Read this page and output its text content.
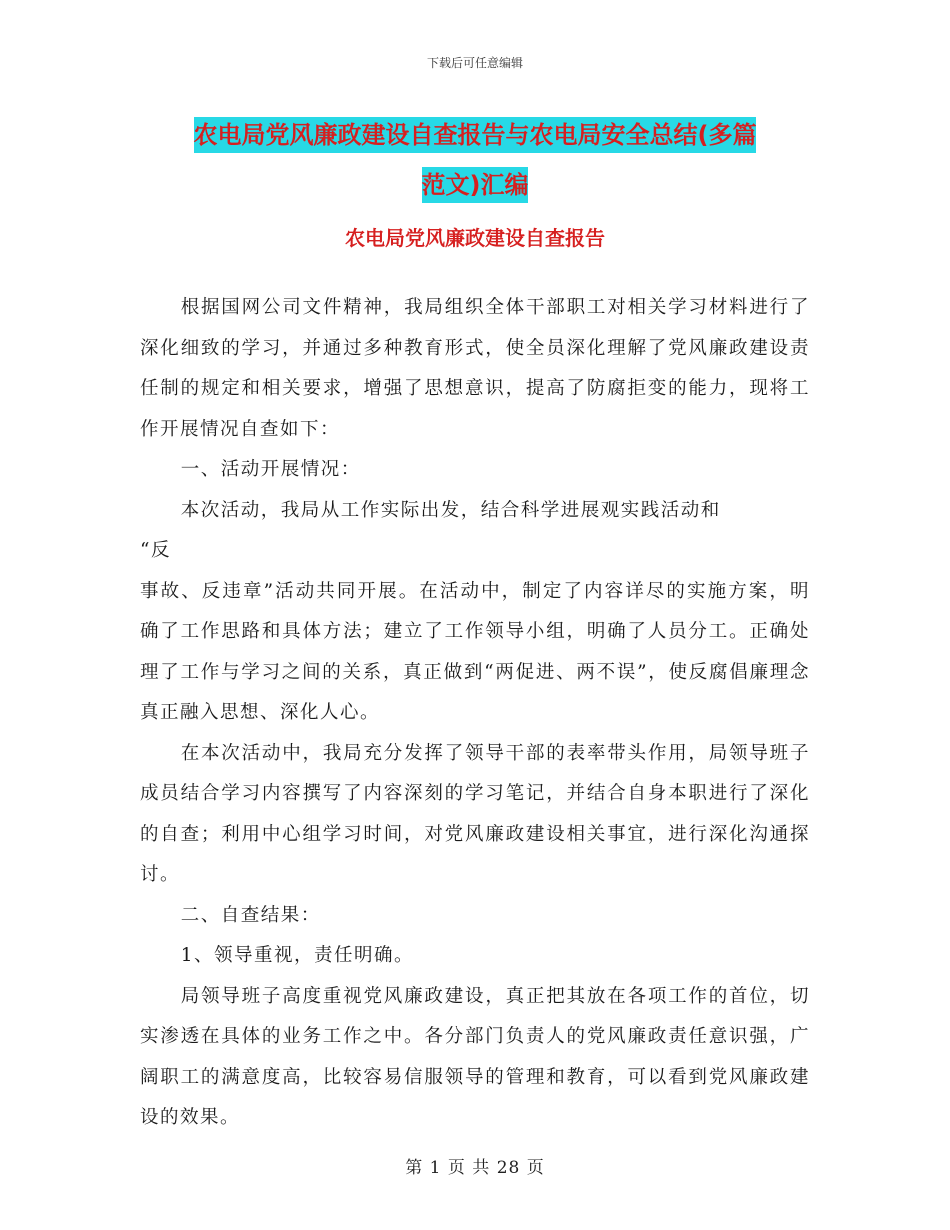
下载后可任意编辑
农电局党风廉政建设自查报告与农电局安全总结(多篇
范文)汇编
农电局党风廉政建设自查报告

根据国网公司文件精神，我局组织全体干部职工对相关学习材料进行了深化细致的学习，并通过多种教育形式，使全员深化理解了党风廉政建设责任制的规定和相关要求，增强了思想意识，提高了防腐拒变的能力，现将工作开展情况自查如下：

一、活动开展情况：

本次活动，我局从工作实际出发，结合科学进展观实践活动和

“反

事故、反违章”活动共同开展。在活动中，制定了内容详尽的实施方案，明确了工作思路和具体方法；建立了工作领导小组，明确了人员分工。正确处理了工作与学习之间的关系，真正做到“两促进、两不误”，使反腐倡廉理念真正融入思想、深化人心。

在本次活动中，我局充分发挥了领导干部的表率带头作用，局领导班子成员结合学习内容撰写了内容深刻的学习笔记，并结合自身本职进行了深化的自查；利用中心组学习时间，对党风廉政建设相关事宜，进行深化沟通探讨。

二、自查结果：

1、领导重视，责任明确。

局领导班子高度重视党风廉政建设，真正把其放在各项工作的首位，切实渗透在具体的业务工作之中。各分部门负责人的党风廉政责任意识强，广阔职工的满意度高，比较容易信服领导的管理和教育，可以看到党风廉政建设的效果。

第 1 页 共 28 页
